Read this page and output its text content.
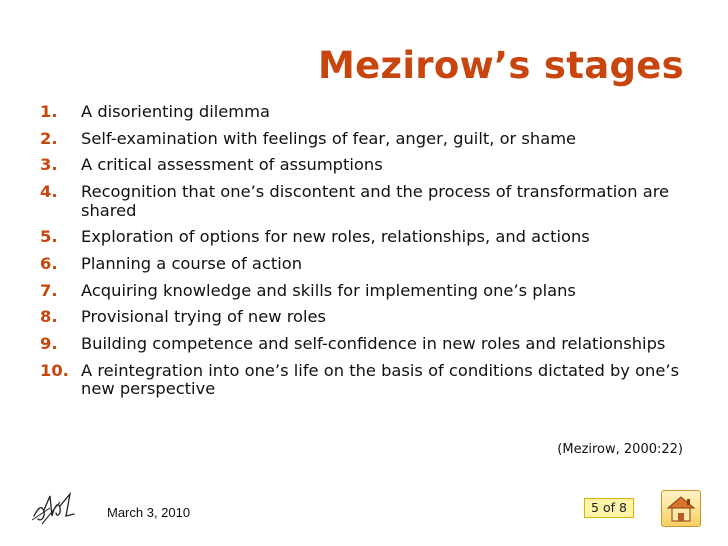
Mezirow’s stages
1.	A disorienting dilemma
2.	Self-examination with feelings of fear, anger, guilt, or shame
3.	A critical assessment of assumptions
4.	Recognition that one’s discontent and the process of transformation are shared
5.	Exploration of options for new roles, relationships, and actions
6.	Planning a course of action
7.	Acquiring knowledge and skills for implementing one’s plans
8.	Provisional trying of new roles
9.	Building competence and self-confidence in new roles and relationships
10. A reintegration into one’s life on the basis of conditions dictated by one’s new perspective
(Mezirow, 2000:22)
March 3, 2010	5 of 8
